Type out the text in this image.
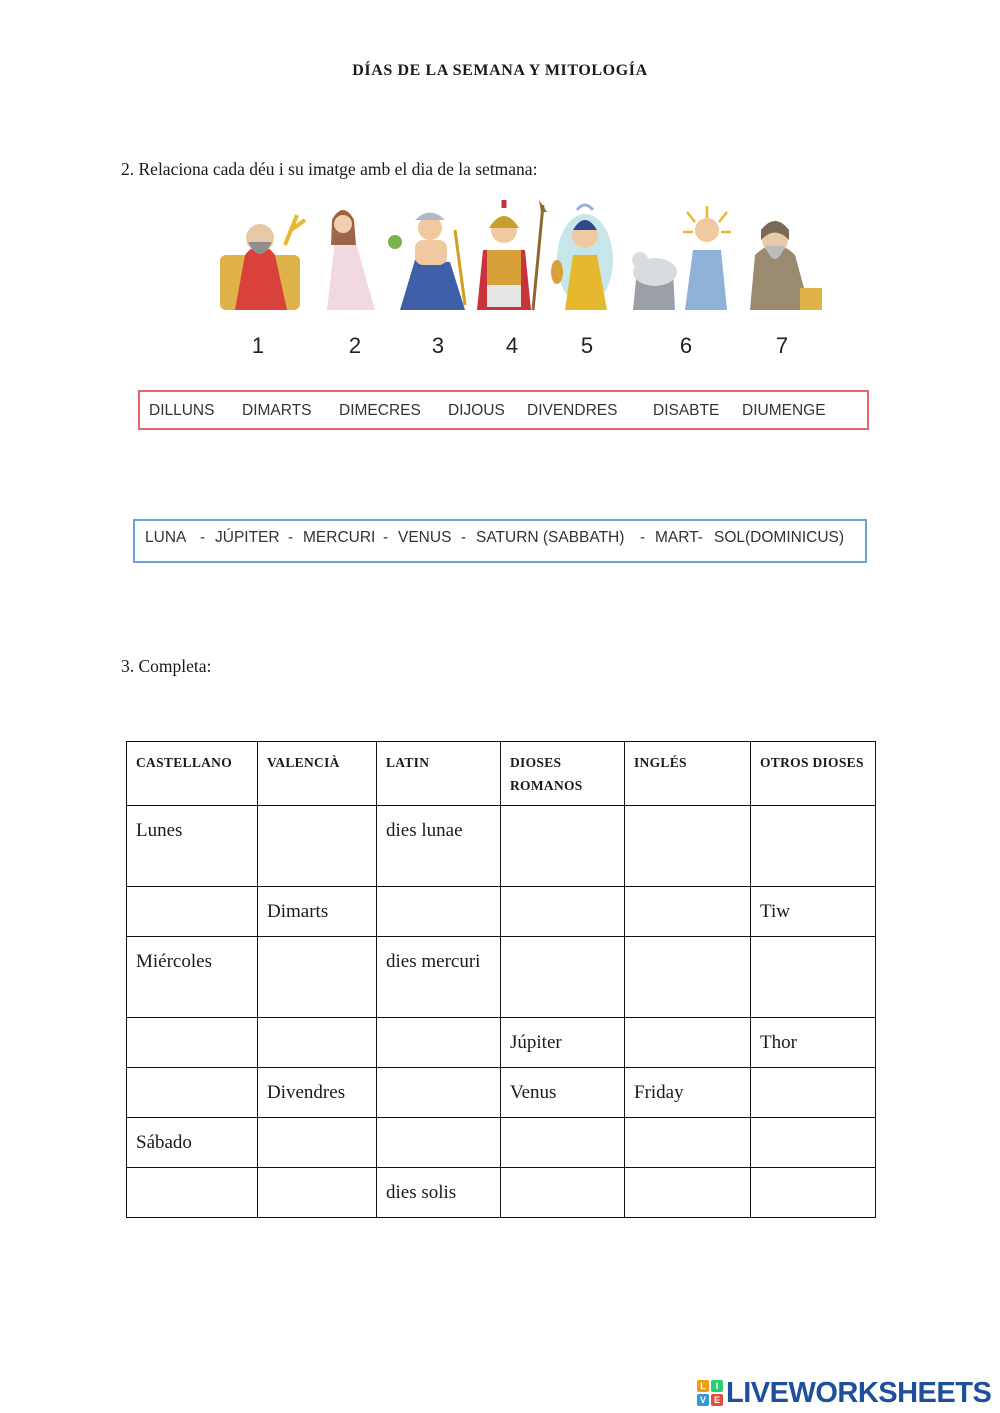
DÍAS DE LA SEMANA Y MITOLOGÍA
2. Relaciona cada déu i su imatge amb el dia de la setmana:
1	2	3	4	5	6	7
DILLUNS DIMARTS DIMECRES DIJOUS DIVENDRES DISABTE DIUMENGE
LUNA - JÚPITER - MERCURI - VENUS - SATURN (SABBATH) - MART- SOL(DOMINICUS)
3. Completa:
CASTELLANO	VALENCIÀ	LATIN	DIOSES ROMANOS	INGLÉS	OTROS DIOSES
Lunes		dies lunae			
	Dimarts				Tiw
Miércoles		dies mercuri			
			Júpiter		Thor
	Divendres		Venus	Friday	
Sábado					
		dies solis			
L	I
V E LIVEWORKSHEETS
